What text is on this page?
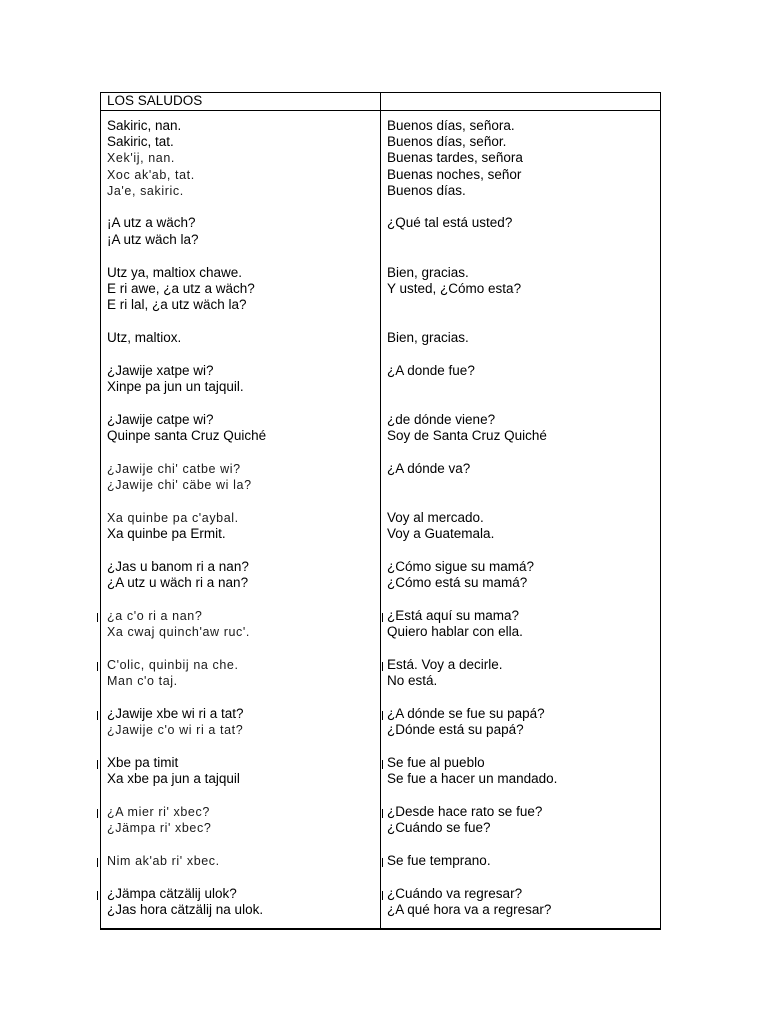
LOS SALUDOS
Sakiric, nan.
Sakiric, tat.
Xek'ij, nan.
Xoc ak'ab, tat.
Ja'e, sakiric.
¡A utz a wäch?
¡A utz wäch la?
Utz ya, maltiox chawe.
E ri awe, ¿a utz a wäch?
E ri lal, ¿a utz wäch la?
Utz, maltiox.
¿Jawije xatpe wi?
Xinpe pa jun un tajquil.
¿Jawije catpe wi?
Quinpe santa Cruz Quiché
¿Jawije chi' catbe wi?
¿Jawije chi' cäbe wi la?
Xa quinbe pa c'aybal.
Xa quinbe pa Ermit.
¿Jas u banom ri a nan?
¿A utz u wäch ri a nan?
¿a c'o ri a nan?
Xa cwaj quinch'aw ruc'.
C'olic, quinbij na che.
Man c'o taj.
¿Jawije xbe wi ri a tat?
¿Jawije c'o wi ri a tat?
Xbe pa timit
Xa xbe pa jun a tajquil
¿A mier ri' xbec?
¿Jämpa ri' xbec?
Nim ak'ab ri' xbec.
¿Jämpa cätzälij ulok?
¿Jas hora cätzälij na ulok.
Buenos días, señora.
Buenos días, señor.
Buenas tardes, señora
Buenas noches, señor
Buenos días.
¿Qué tal está usted?
Bien, gracias.
Y usted, ¿Cómo esta?
Bien, gracias.
¿A donde fue?
¿de dónde viene?
Soy de Santa Cruz Quiché
¿A dónde va?
Voy al mercado.
Voy a Guatemala.
¿Cómo sigue su mamá?
¿Cómo está su mamá?
¿Está aquí su mama?
Quiero hablar con ella.
Está. Voy a decirle.
No está.
¿A dónde se fue su papá?
¿Dónde está su papá?
Se fue al pueblo
Se fue a hacer un mandado.
¿Desde hace rato se fue?
¿Cuándo se fue?
Se fue temprano.
¿Cuándo va regresar?
¿A qué hora va a regresar?
